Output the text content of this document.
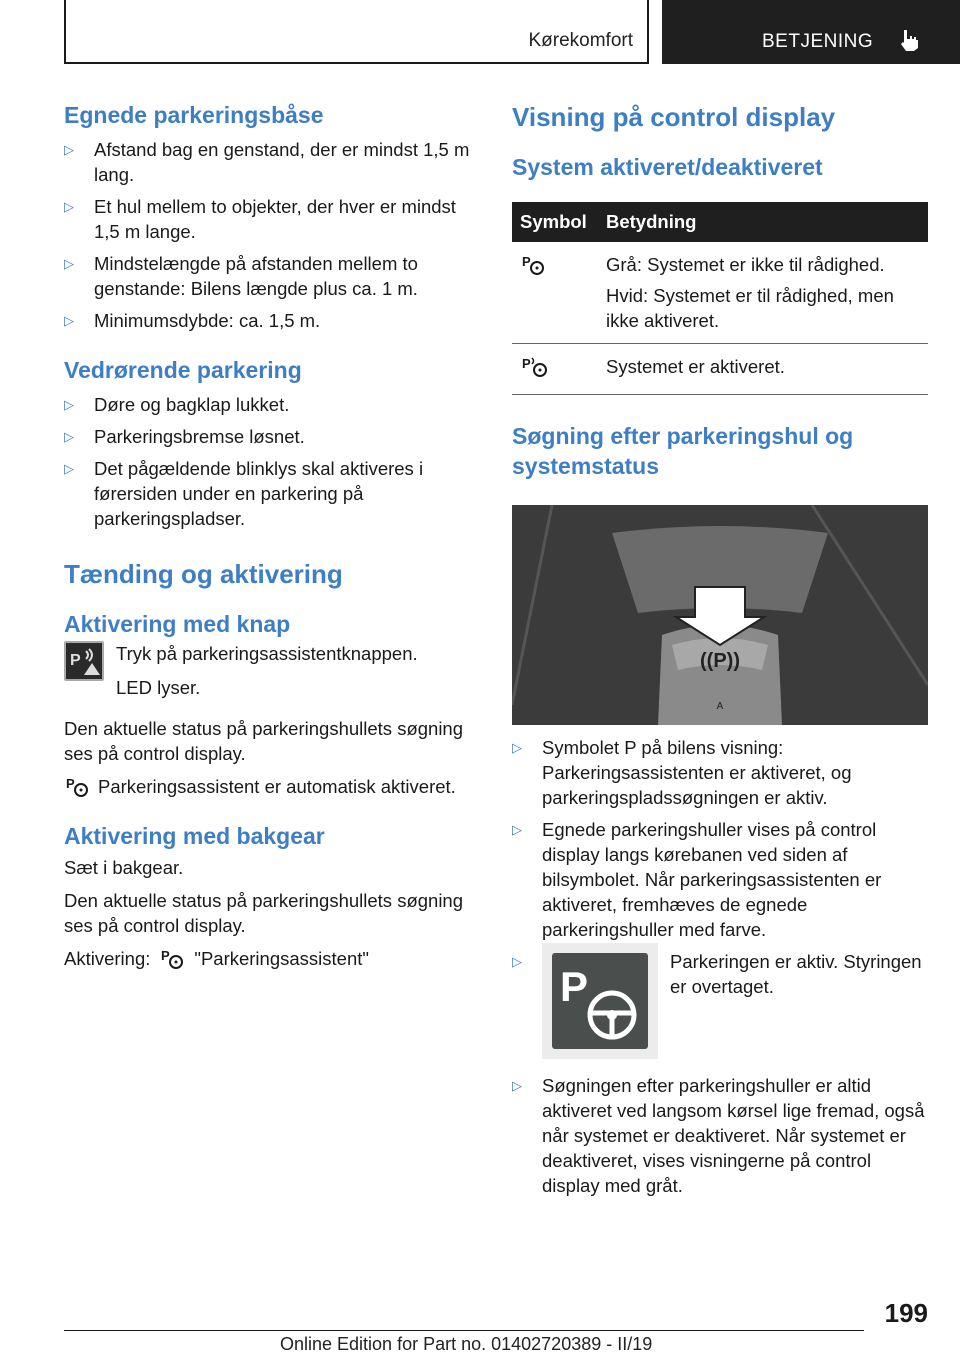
Kørekomfort	BETJENING
Egnede parkeringsbåse
▷ Afstand bag en genstand, der er mindst 1,5 m lang.
▷ Et hul mellem to objekter, der hver er mindst 1,5 m lange.
▷ Mindstelængde på afstanden mellem to genstande: Bilens længde plus ca. 1 m.
▷ Minimumsdybde: ca. 1,5 m.
Vedrørende parkering
▷ Døre og bagklap lukket.
▷ Parkeringsbremse løsnet.
▷ Det pågældende blinklys skal aktiveres i førersiden under en parkering på parkeringspladser.
Tænding og aktivering
Aktivering med knap
P Tryk på parkeringsassistentknappen.

LED lyser.

Den aktuelle status på parkeringshullets søgning ses på control display.

P Parkeringsassistent er automatisk aktiveret.

Aktivering med bakgear

Sæt i bakgear.

Den aktuelle status på parkeringshullets søgning ses på control display.

Aktivering: P "Parkeringsassistent"
Visning på control display
System aktiveret/deaktiveret
Symbol	Betydning
P	Grå: Systemet er ikke til rådighed.

Hvid: Systemet er til rådighed, men ikke aktiveret.

P	Systemet er aktiveret.

Søgning efter parkeringshul og systemstatus
((P))
A
▷ Symbolet P på bilens visning: Parkeringsassistenten er aktiveret, og parkeringspladssøgningen er aktiv.
▷ Egnede parkeringshuller vises på control display langs kørebanen ved siden af bilsymbolet. Når parkeringsassistenten er aktiveret, fremhæves de egnede parkeringshuller med farve.
▷ P
Parkeringen er aktiv. Styringen er overtaget.
▷ Søgningen efter parkeringshuller er altid aktiveret ved langsom kørsel lige fremad, også når systemet er deaktiveret. Når systemet er deaktiveret, vises visningerne på control display med gråt.
199
Online Edition for Part no. 01402720389 - II/19
